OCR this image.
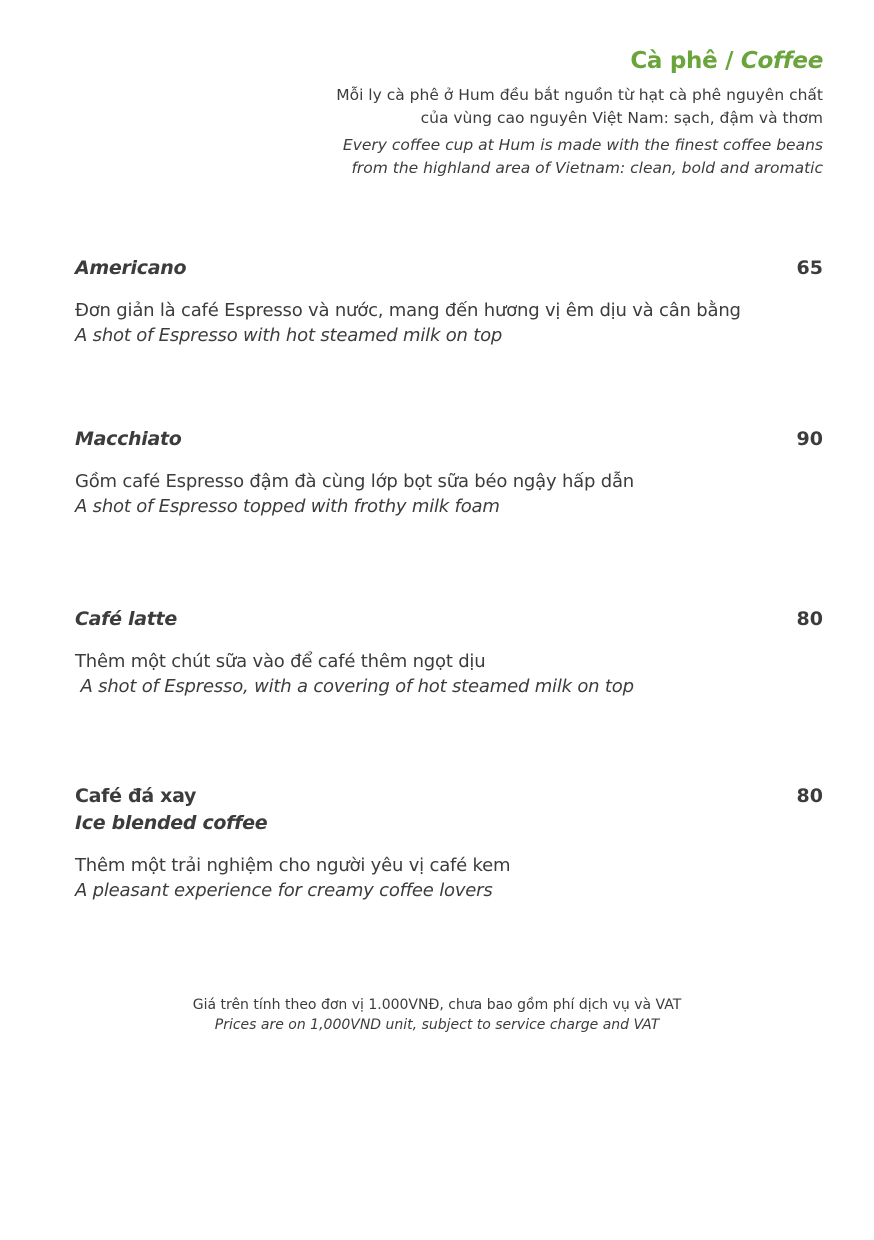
Cà phê / Coffee

Mỗi ly cà phê ở Hum đều bắt nguồn từ hạt cà phê nguyên chất
của vùng cao nguyên Việt Nam: sạch, đậm và thơm

Every coffee cup at Hum is made with the finest coffee beans
from the highland area of Vietnam: clean, bold and aromatic

Americano	65
Đơn giản là café Espresso và nước, mang đến hương vị êm dịu và cân bằng
A shot of Espresso with hot steamed milk on top
Macchiato	90
Gồm café Espresso đậm đà cùng lớp bọt sữa béo ngậy hấp dẫn
A shot of Espresso topped with frothy milk foam
Café latte	80
Thêm một chút sữa vào để café thêm ngọt dịu
A shot of Espresso, with a covering of hot steamed milk on top
Café đá xay	80
Ice blended coffee
Thêm một trải nghiệm cho người yêu vị café kem
A pleasant experience for creamy coffee lovers
Giá trên tính theo đơn vị 1.000VNĐ, chưa bao gồm phí dịch vụ và VAT
Prices are on 1,000VND unit, subject to service charge and VAT
